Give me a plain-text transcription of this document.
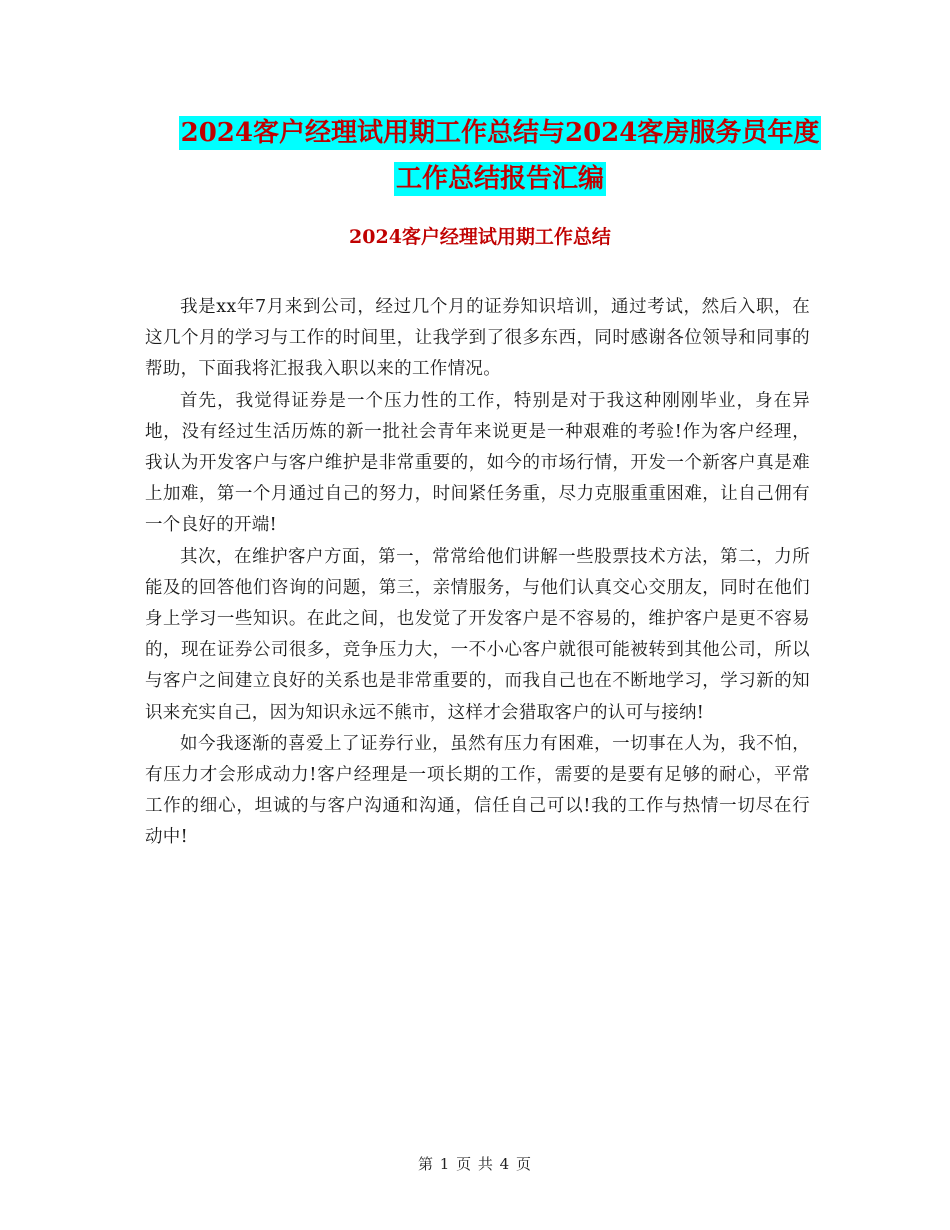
2024客户经理试用期工作总结与2024客房服务员年度
工作总结报告汇编
2024客户经理试用期工作总结

我是xx年7月来到公司，经过几个月的证券知识培训，通过考试，然后入职，在这几个月的学习与工作的时间里，让我学到了很多东西，同时感谢各位领导和同事的帮助，下面我将汇报我入职以来的工作情况。

首先，我觉得证券是一个压力性的工作，特别是对于我这种刚刚毕业，身在异地，没有经过生活历炼的新一批社会青年来说更是一种艰难的考验!作为客户经理，我认为开发客户与客户维护是非常重要的，如今的市场行情，开发一个新客户真是难上加难，第一个月通过自己的努力，时间紧任务重，尽力克服重重困难，让自己佣有一个良好的开端!

其次，在维护客户方面，第一，常常给他们讲解一些股票技术方法，第二，力所能及的回答他们咨询的问题，第三，亲情服务，与他们认真交心交朋友，同时在他们身上学习一些知识。在此之间，也发觉了开发客户是不容易的，维护客户是更不容易的，现在证券公司很多，竞争压力大，一不小心客户就很可能被转到其他公司，所以与客户之间建立良好的关系也是非常重要的，而我自己也在不断地学习，学习新的知识来充实自己，因为知识永远不熊市，这样才会猎取客户的认可与接纳!

如今我逐渐的喜爱上了证券行业，虽然有压力有困难，一切事在人为，我不怕，有压力才会形成动力!客户经理是一项长期的工作，需要的是要有足够的耐心，平常工作的细心，坦诚的与客户沟通和沟通，信任自己可以!我的工作与热情一切尽在行动中!

第 1 页 共 4 页
